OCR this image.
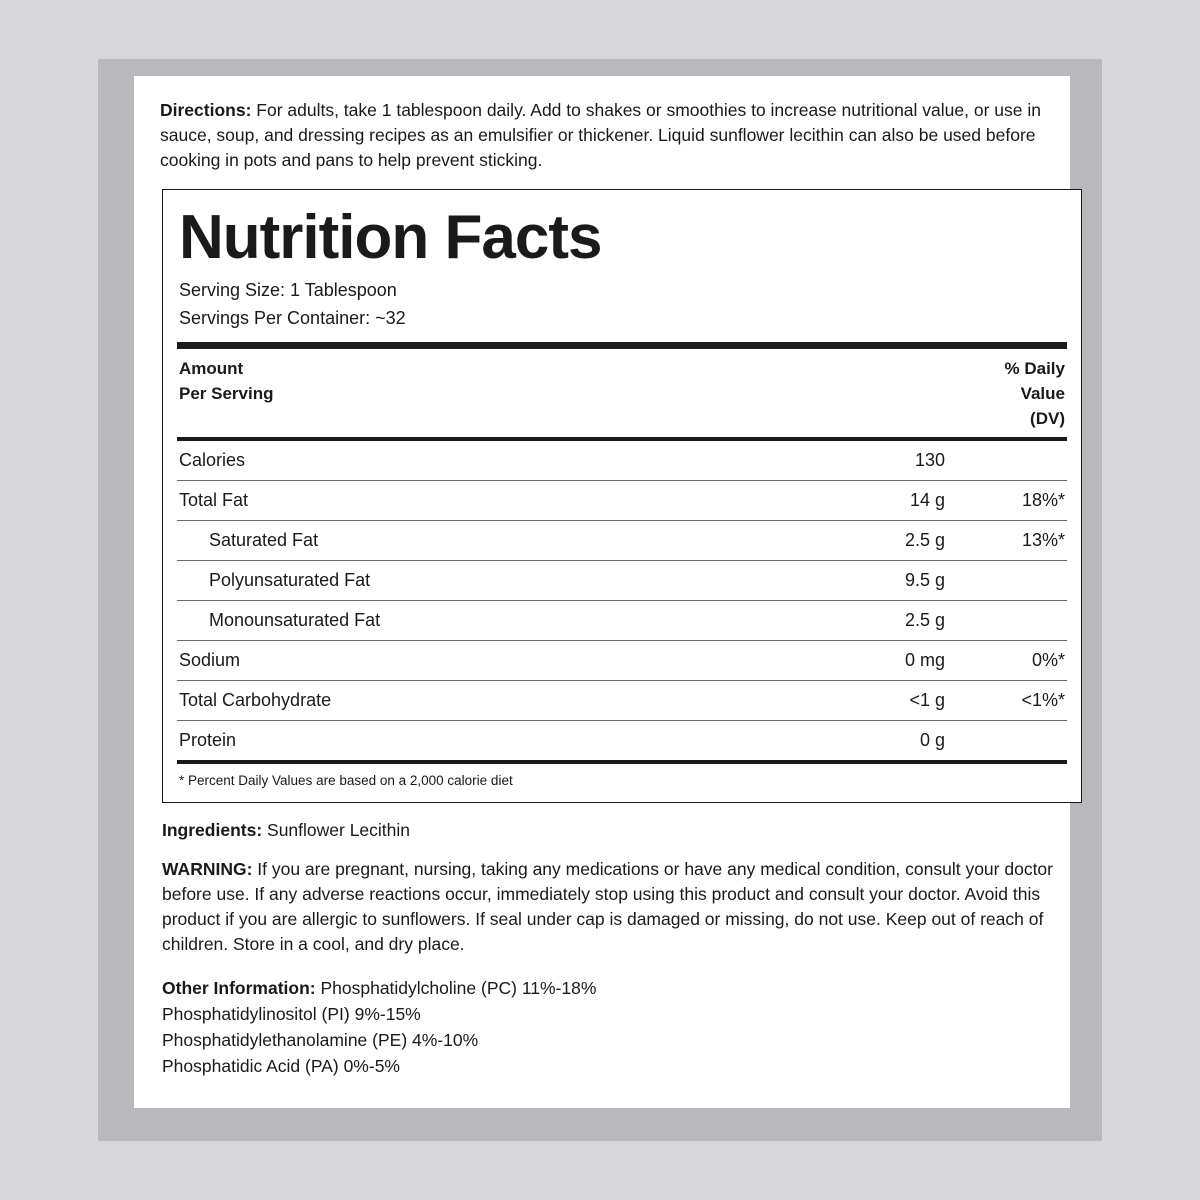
Directions: For adults, take 1 tablespoon daily. Add to shakes or smoothies to increase nutritional value, or use in sauce, soup, and dressing recipes as an emulsifier or thickener. Liquid sunflower lecithin can also be used before cooking in pots and pans to help prevent sticking.

Nutrition Facts
Serving Size: 1 Tablespoon
Servings Per Container: ~32
Amount
Per Serving
% Daily
Value
(DV)
Calories	130	
Total Fat	14 g	18%*
Saturated Fat	2.5 g	13%*
Polyunsaturated Fat	9.5 g	
Monounsaturated Fat	2.5 g	
Sodium	0 mg	0%*
Total Carbohydrate	<1 g	<1%*
Protein	0 g	
* Percent Daily Values are based on a 2,000 calorie diet

Ingredients: Sunflower Lecithin

WARNING: If you are pregnant, nursing, taking any medications or have any medical condition, consult your doctor before use. If any adverse reactions occur, immediately stop using this product and consult your doctor. Avoid this product if you are allergic to sunflowers. If seal under cap is damaged or missing, do not use. Keep out of reach of children. Store in a cool, and dry place.

Other Information: Phosphatidylcholine (PC) 11%-18%
Phosphatidylinositol (PI) 9%-15%
Phosphatidylethanolamine (PE) 4%-10%
Phosphatidic Acid (PA) 0%-5%
